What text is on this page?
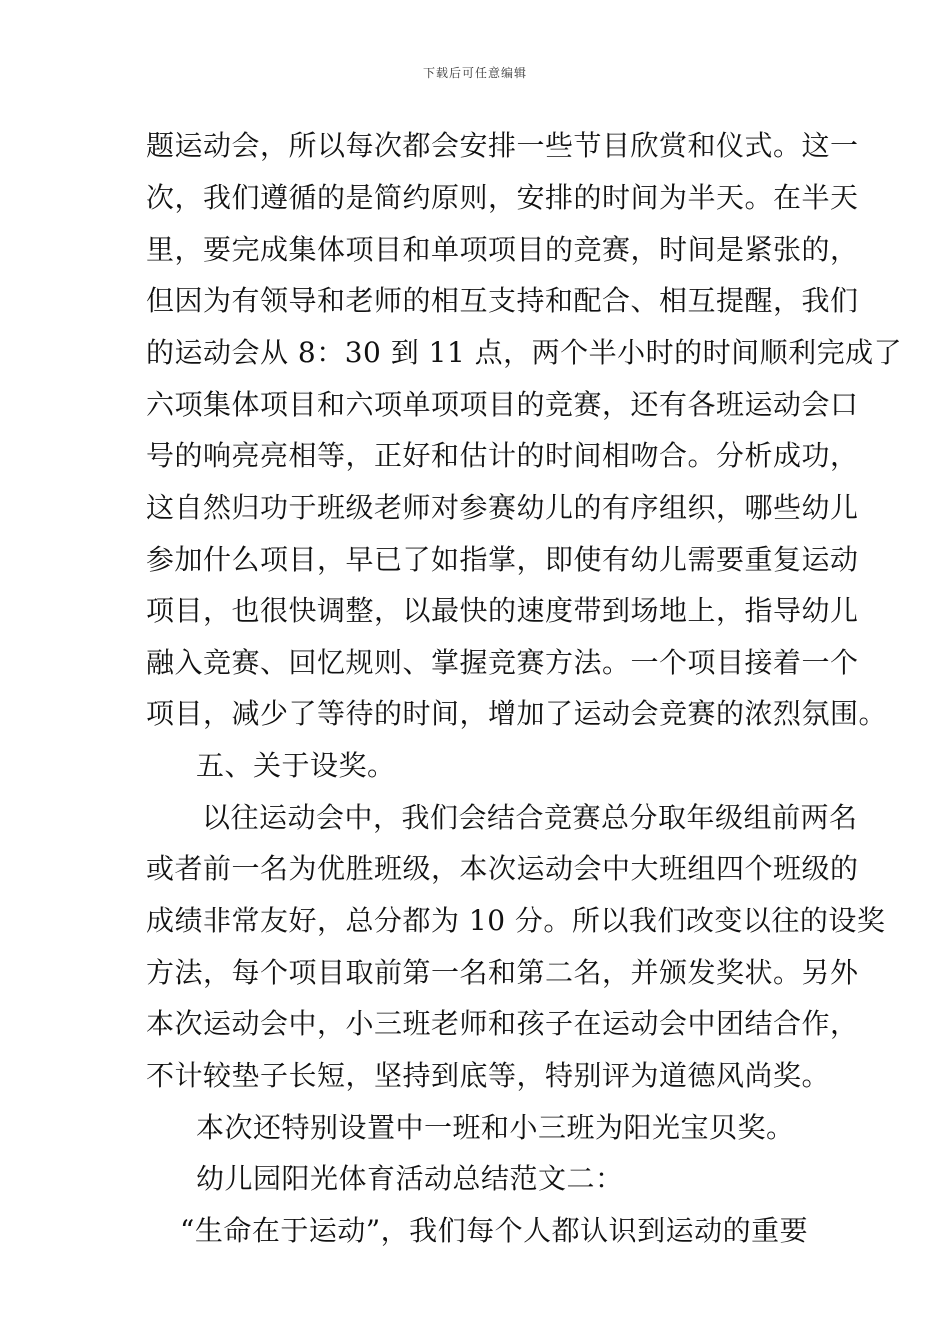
下载后可任意编辑
题运动会，所以每次都会安排一些节目欣赏和仪式。这一
次，我们遵循的是简约原则，安排的时间为半天。在半天
里，要完成集体项目和单项项目的竞赛，时间是紧张的，
但因为有领导和老师的相互支持和配合、相互提醒，我们
的运动会从 8：30 到 11 点，两个半小时的时间顺利完成了
六项集体项目和六项单项项目的竞赛，还有各班运动会口
号的响亮亮相等，正好和估计的时间相吻合。分析成功，
这自然归功于班级老师对参赛幼儿的有序组织，哪些幼儿
参加什么项目，早已了如指掌，即使有幼儿需要重复运动
项目，也很快调整，以最快的速度带到场地上，指导幼儿
融入竞赛、回忆规则、掌握竞赛方法。一个项目接着一个
项目，减少了等待的时间，增加了运动会竞赛的浓烈氛围。
五、关于设奖。
以往运动会中，我们会结合竞赛总分取年级组前两名
或者前一名为优胜班级，本次运动会中大班组四个班级的
成绩非常友好，总分都为 10 分。所以我们改变以往的设奖
方法，每个项目取前第一名和第二名，并颁发奖状。另外
本次运动会中，小三班老师和孩子在运动会中团结合作，
不计较垫子长短，坚持到底等，特别评为道德风尚奖。
本次还特别设置中一班和小三班为阳光宝贝奖。
幼儿园阳光体育活动总结范文二：
“生命在于运动”，我们每个人都认识到运动的重要
